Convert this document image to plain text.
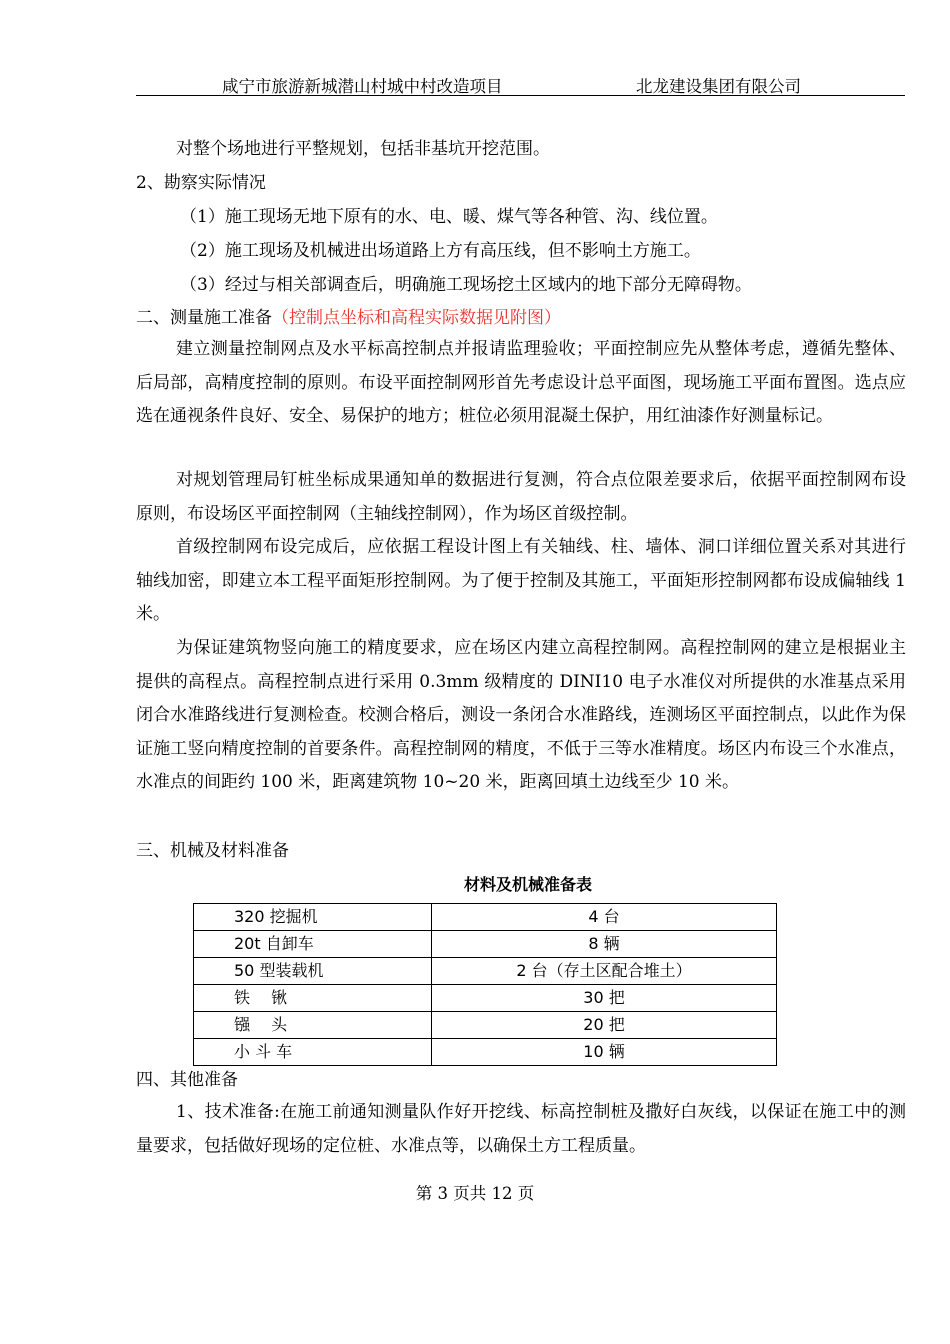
咸宁市旅游新城潜山村城中村改造项目	北龙建设集团有限公司
对整个场地进行平整规划，包括非基坑开挖范围。
2、勘察实际情况
（1）施工现场无地下原有的水、电、暖、煤气等各种管、沟、线位置。
（2）施工现场及机械进出场道路上方有高压线，但不影响土方施工。
（3）经过与相关部调查后，明确施工现场挖土区域内的地下部分无障碍物。
二、测量施工准备（控制点坐标和高程实际数据见附图）
建立测量控制网点及水平标高控制点并报请监理验收；平面控制应先从整体考虑，遵循先整体、后局部，高精度控制的原则。布设平面控制网形首先考虑设计总平面图，现场施工平面布置图。选点应选在通视条件良好、安全、易保护的地方；桩位必须用混凝土保护，用红油漆作好测量标记。
对规划管理局钉桩坐标成果通知单的数据进行复测，符合点位限差要求后，依据平面控制网布设原则，布设场区平面控制网（主轴线控制网），作为场区首级控制。
首级控制网布设完成后，应依据工程设计图上有关轴线、柱、墙体、洞口详细位置关系对其进行轴线加密，即建立本工程平面矩形控制网。为了便于控制及其施工，平面矩形控制网都布设成偏轴线 1 米。
为保证建筑物竖向施工的精度要求，应在场区内建立高程控制网。高程控制网的建立是根据业主提供的高程点。高程控制点进行采用 0.3mm 级精度的 DINI10 电子水准仪对所提供的水准基点采用闭合水准路线进行复测检查。校测合格后，测设一条闭合水准路线，连测场区平面控制点，以此作为保证施工竖向精度控制的首要条件。高程控制网的精度，不低于三等水准精度。场区内布设三个水准点，水准点的间距约 100 米，距离建筑物 10~20 米，距离回填土边线至少 10 米。
三、机械及材料准备
材料及机械准备表
320 挖掘机	4 台
20t 自卸车	8 辆
50 型装载机	2 台（存土区配合堆土）
铁　 锹	30 把
镪　 头	20 把
小 斗 车	10 辆
四、其他准备
1、技术准备:在施工前通知测量队作好开挖线、标高控制桩及撒好白灰线，以保证在施工中的测量要求，包括做好现场的定位桩、水准点等，以确保土方工程质量。
第 3 页共 12 页
